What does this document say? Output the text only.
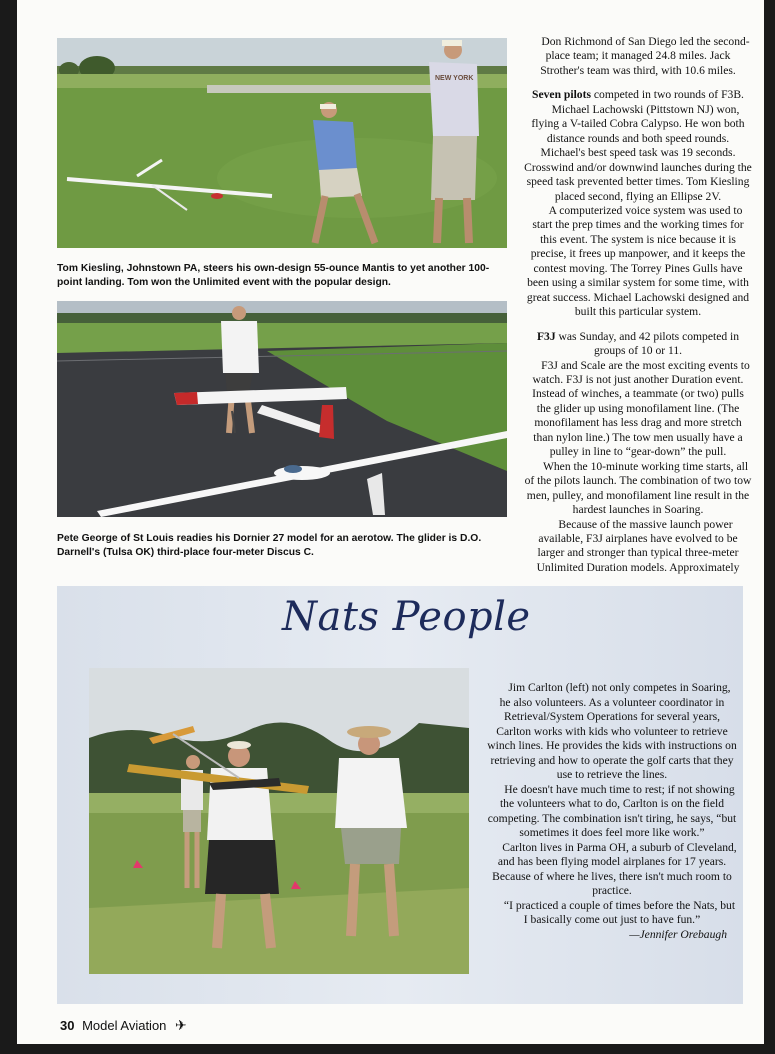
NEW YORK
Tom Kiesling, Johnstown PA, steers his own-design 55-ounce Mantis to yet another 100-point landing. Tom won the Unlimited event with the popular design.
Pete George of St Louis readies his Dornier 27 model for an aerotow. The glider is D.O. Darnell's (Tulsa OK) third-place four-meter Discus C.

Don Richmond of San Diego led the second-place team; it managed 24.8 miles. Jack Strother's team was third, with 10.6 miles.

Seven pilots competed in two rounds of F3B.

Michael Lachowski (Pittstown NJ) won, flying a V-tailed Cobra Calypso. He won both distance rounds and both speed rounds. Michael's best speed task was 19 seconds. Crosswind and/or downwind launches during the speed task prevented better times. Tom Kiesling placed second, flying an Ellipse 2V.

A computerized voice system was used to start the prep times and the working times for this event. The system is nice because it is precise, it frees up manpower, and it keeps the contest moving. The Torrey Pines Gulls have been using a similar system for some time, with great success. Michael Lachowski designed and built this particular system.

F3J was Sunday, and 42 pilots competed in groups of 10 or 11.

F3J and Scale are the most exciting events to watch. F3J is not just another Duration event. Instead of winches, a teammate (or two) pulls the glider up using monofilament line. (The monofilament has less drag and more stretch than nylon line.) The tow men usually have a pulley in line to “gear-down” the pull.

When the 10-minute working time starts, all of the pilots launch. The combination of two tow men, pulley, and monofilament line result in the hardest launches in Soaring.

Because of the massive launch power available, F3J airplanes have evolved to be larger and stronger than typical three-meter Unlimited Duration models. Approximately

Nats People

Jim Carlton (left) not only competes in Soaring, he also volunteers. As a volunteer coordinator in Retrieval/System Operations for several years, Carlton works with kids who volunteer to retrieve winch lines. He provides the kids with instructions on retrieving and how to operate the golf carts that they use to retrieve the lines.

He doesn't have much time to rest; if not showing the volunteers what to do, Carlton is on the field competing. The combination isn't tiring, he says, “but sometimes it does feel more like work.”

Carlton lives in Parma OH, a suburb of Cleveland, and has been flying model airplanes for 17 years. Because of where he lives, there isn't much room to practice.

“I practiced a couple of times before the Nats, but I basically come out just to have fun.”

—Jennifer Orebaugh

30 Model Aviation ✈
